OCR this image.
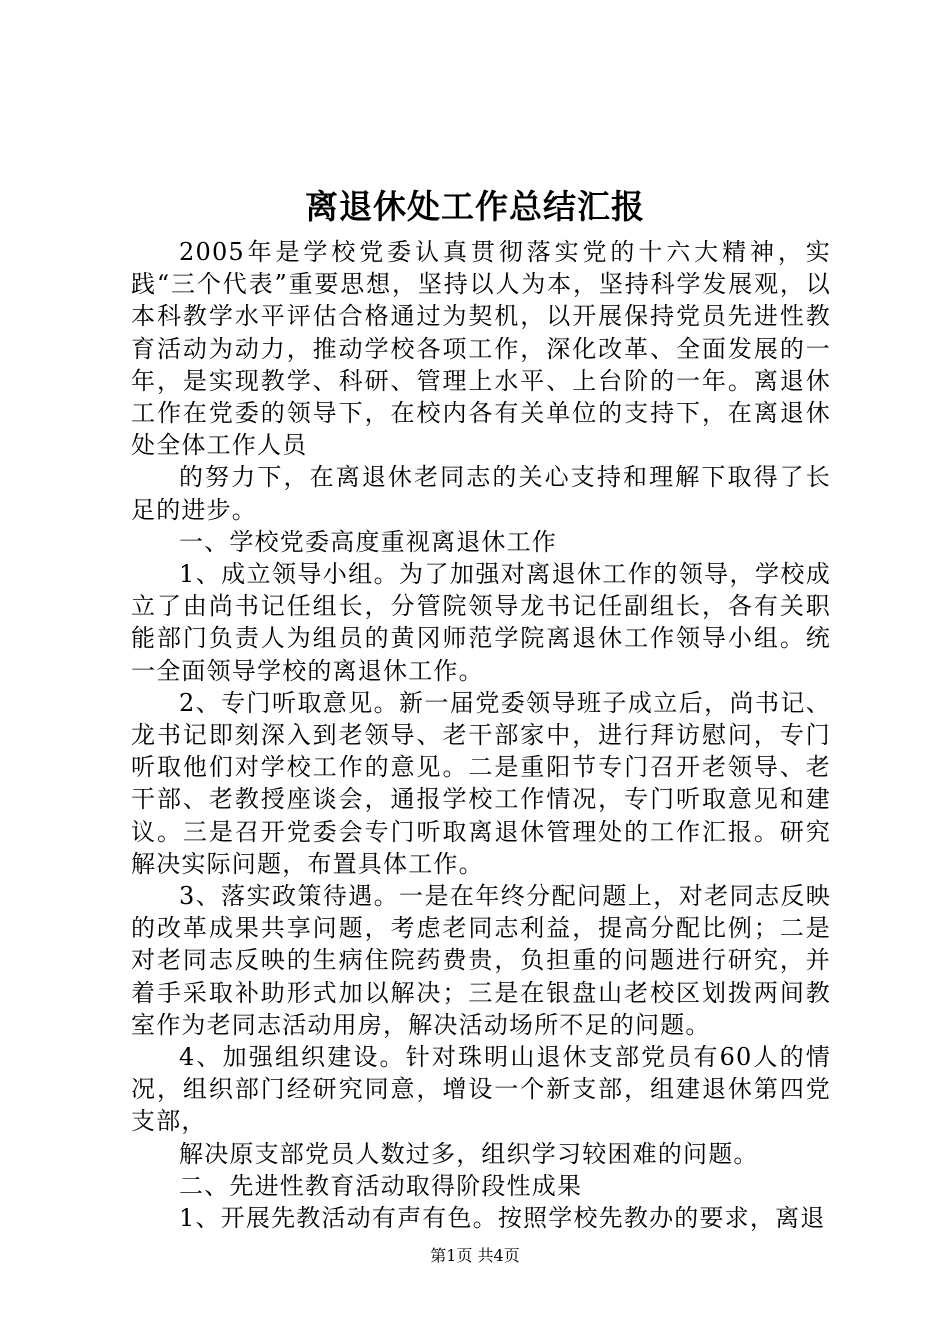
离退休处工作总结汇报

2005年是学校党委认真贯彻落实党的十六大精神，实践“三个代表”重要思想，坚持以人为本，坚持科学发展观，以本科教学水平评估合格通过为契机，以开展保持党员先进性教育活动为动力，推动学校各项工作，深化改革、全面发展的一年，是实现教学、科研、管理上水平、上台阶的一年。离退休工作在党委的领导下，在校内各有关单位的支持下，在离退休处全体工作人员

的努力下，在离退休老同志的关心支持和理解下取得了长足的进步。

一、学校党委高度重视离退休工作

1、成立领导小组。为了加强对离退休工作的领导，学校成立了由尚书记任组长，分管院领导龙书记任副组长，各有关职能部门负责人为组员的黄冈师范学院离退休工作领导小组。统一全面领导学校的离退休工作。

2、专门听取意见。新一届党委领导班子成立后，尚书记、龙书记即刻深入到老领导、老干部家中，进行拜访慰问，专门听取他们对学校工作的意见。二是重阳节专门召开老领导、老干部、老教授座谈会，通报学校工作情况，专门听取意见和建议。三是召开党委会专门听取离退休管理处的工作汇报。研究解决实际问题，布置具体工作。

3、落实政策待遇。一是在年终分配问题上，对老同志反映的改革成果共享问题，考虑老同志利益，提高分配比例；二是对老同志反映的生病住院药费贵，负担重的问题进行研究，并着手采取补助形式加以解决；三是在银盘山老校区划拨两间教室作为老同志活动用房，解决活动场所不足的问题。

4、加强组织建设。针对珠明山退休支部党员有60人的情况，组织部门经研究同意，增设一个新支部，组建退休第四党支部，

解决原支部党员人数过多，组织学习较困难的问题。

二、先进性教育活动取得阶段性成果

1、开展先教活动有声有色。按照学校先教办的要求，离退

第1页 共4页
